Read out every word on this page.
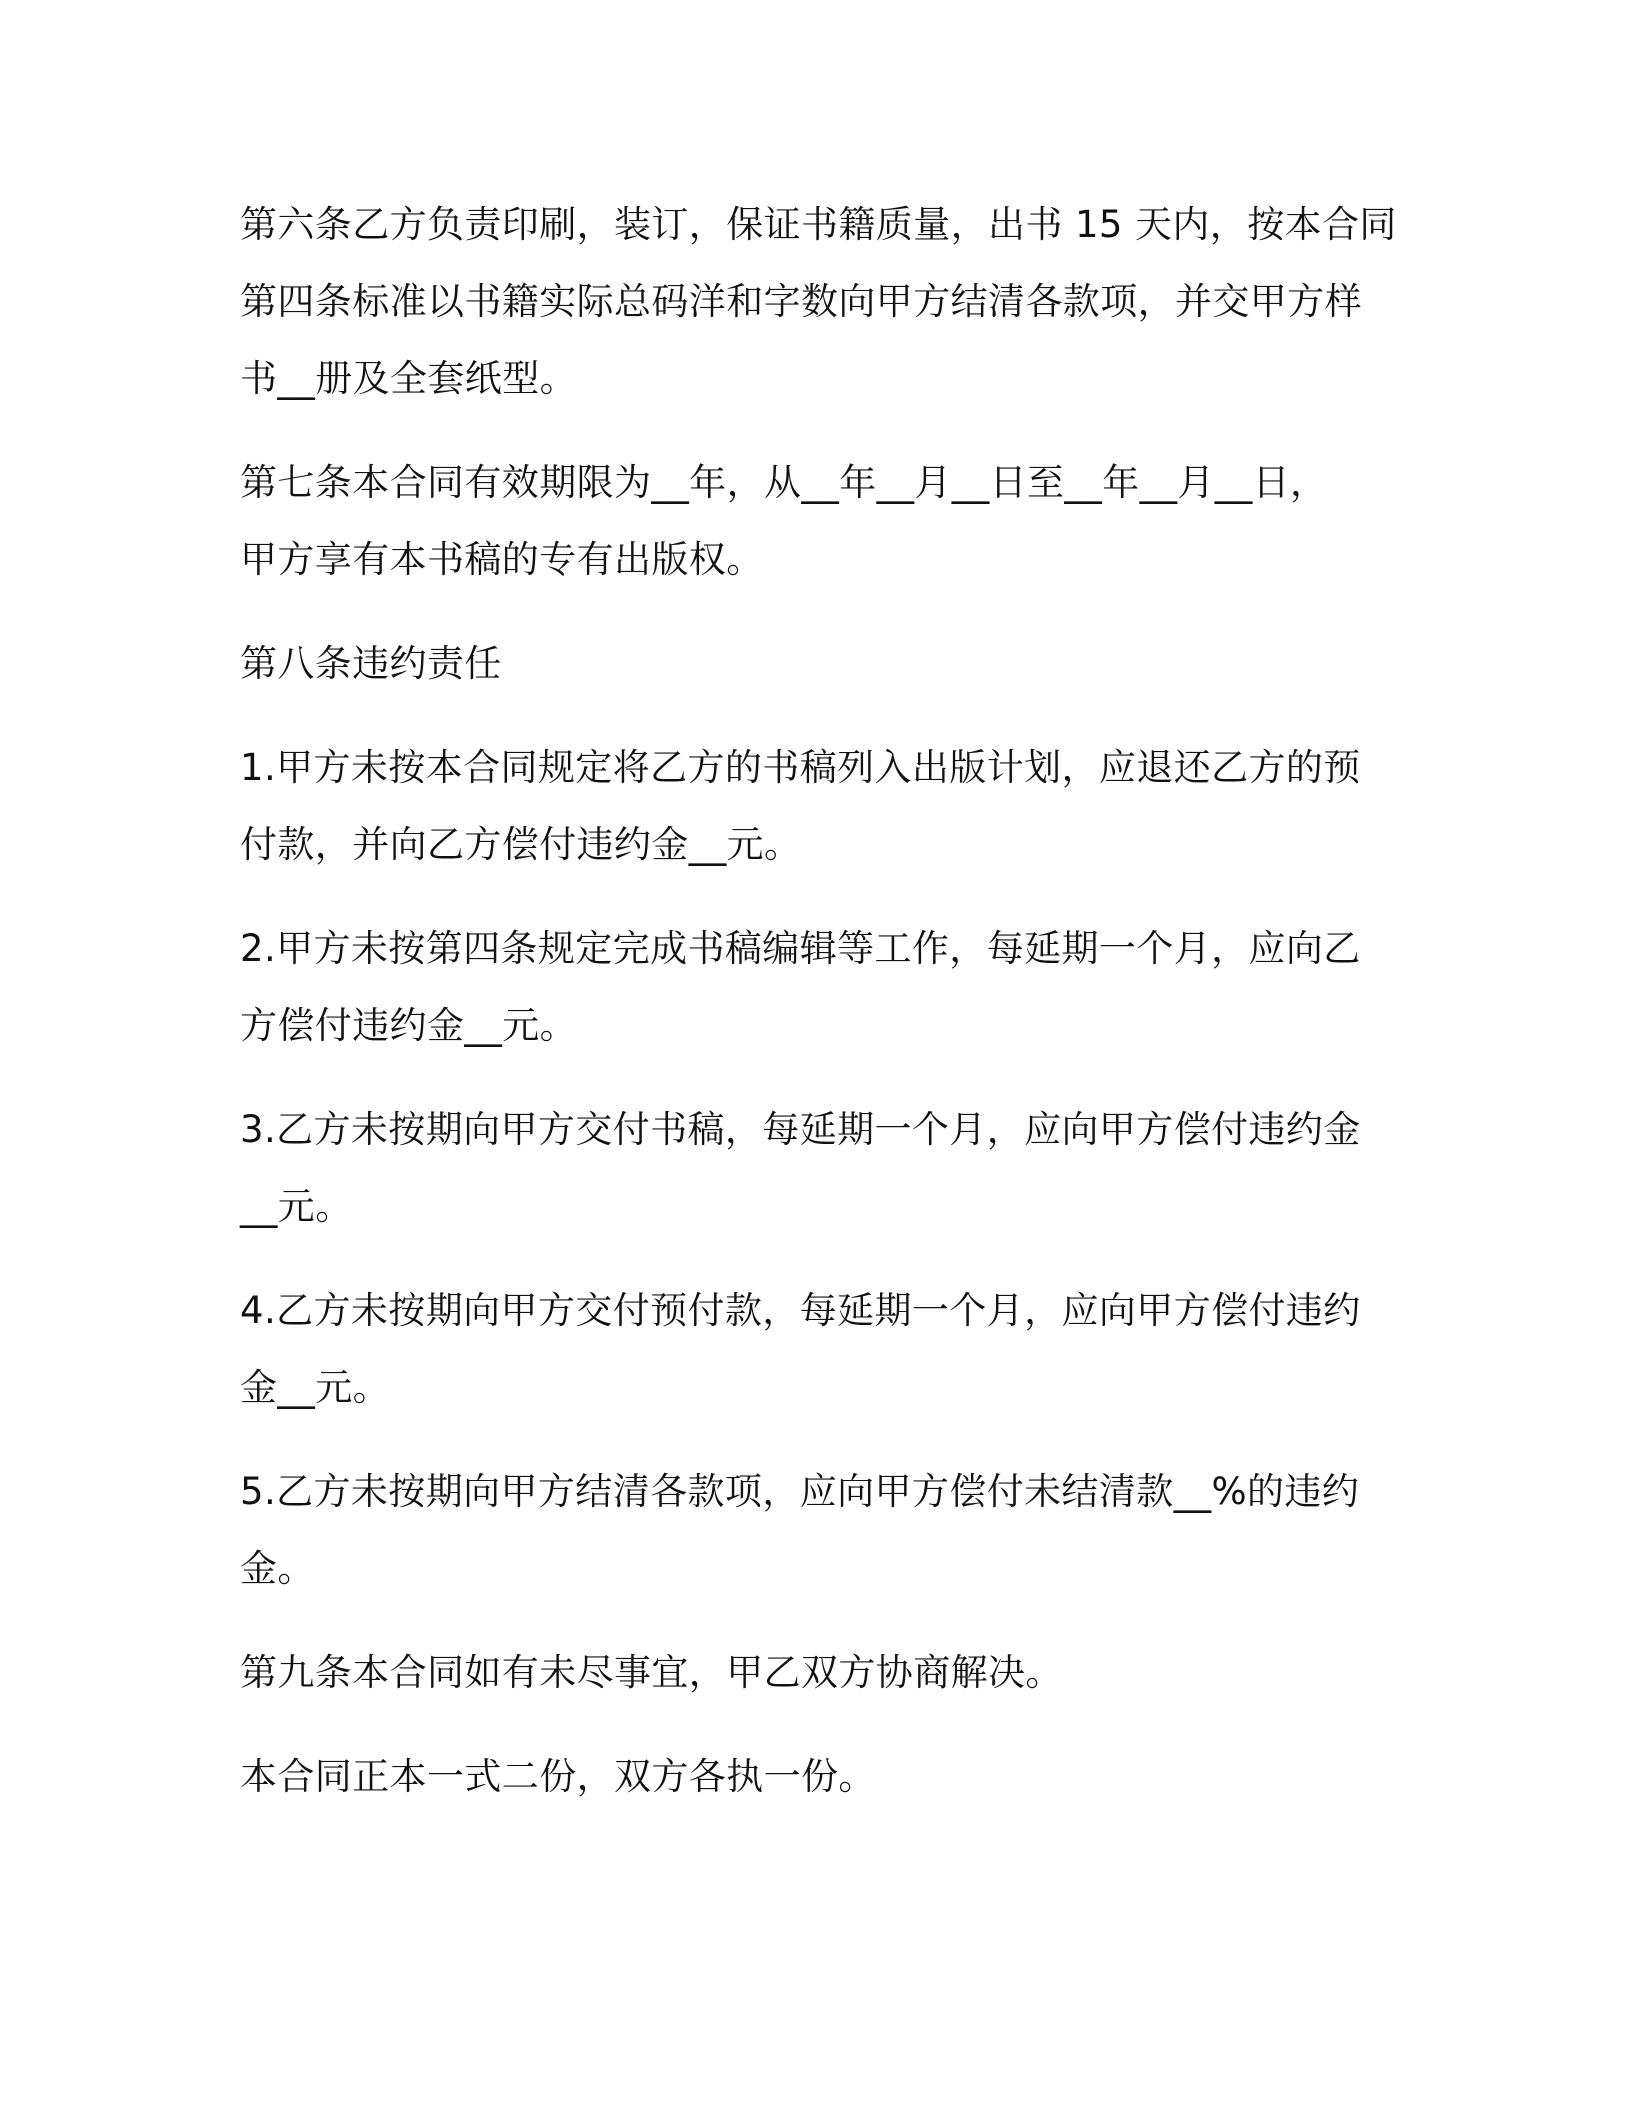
第六条乙方负责印刷，装订，保证书籍质量，出书 15 天内，按本合同
第四条标准以书籍实际总码洋和字数向甲方结清各款项，并交甲方样
书__册及全套纸型。

第七条本合同有效期限为__年，从__年__月__日至__年__月__日，
甲方享有本书稿的专有出版权。

第八条违约责任

1.甲方未按本合同规定将乙方的书稿列入出版计划，应退还乙方的预
付款，并向乙方偿付违约金__元。

2.甲方未按第四条规定完成书稿编辑等工作，每延期一个月，应向乙
方偿付违约金__元。

3.乙方未按期向甲方交付书稿，每延期一个月，应向甲方偿付违约金
__元。

4.乙方未按期向甲方交付预付款，每延期一个月，应向甲方偿付违约
金__元。

5.乙方未按期向甲方结清各款项，应向甲方偿付未结清款__%的违约
金。

第九条本合同如有未尽事宜，甲乙双方协商解决。

本合同正本一式二份，双方各执一份。
